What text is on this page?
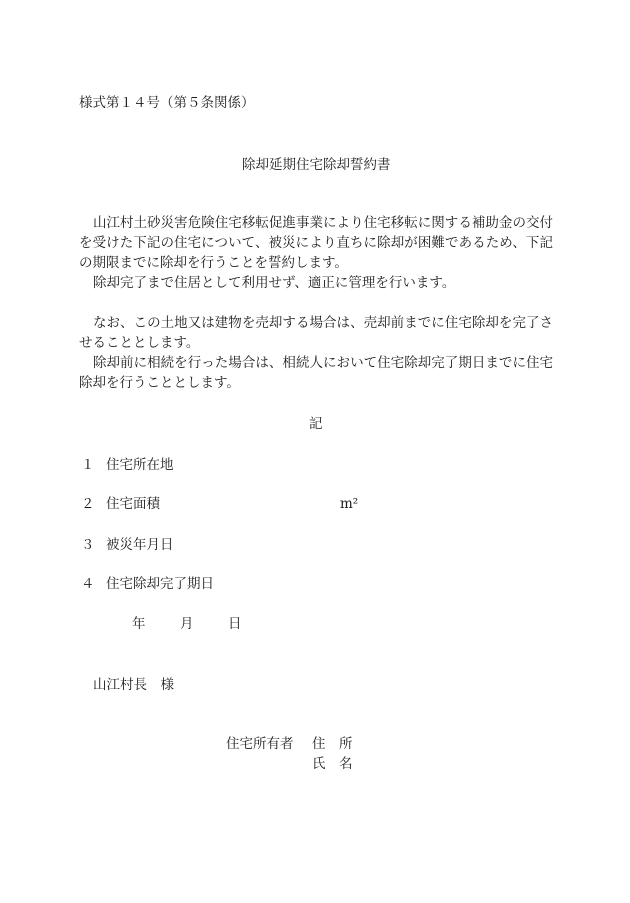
様式第１４号（第５条関係）
除却延期住宅除却誓約書
山江村土砂災害危険住宅移転促進事業により住宅移転に関する補助金の交付を受けた下記の住宅について、被災により直ちに除却が困難であるため、下記の期限までに除却を行うことを誓約します。
除却完了まで住居として利用せず、適正に管理を行います。
なお、この土地又は建物を売却する場合は、売却前までに住宅除却を完了させることとします。
除却前に相続を行った場合は、相続人において住宅除却完了期日までに住宅除却を行うこととします。
記
１ 住宅所在地
２ 住宅面積	m²
３ 被災年月日
４ 住宅除却完了期日
年	月	日
山江村長　様
住宅所有者 住　所
氏　名
